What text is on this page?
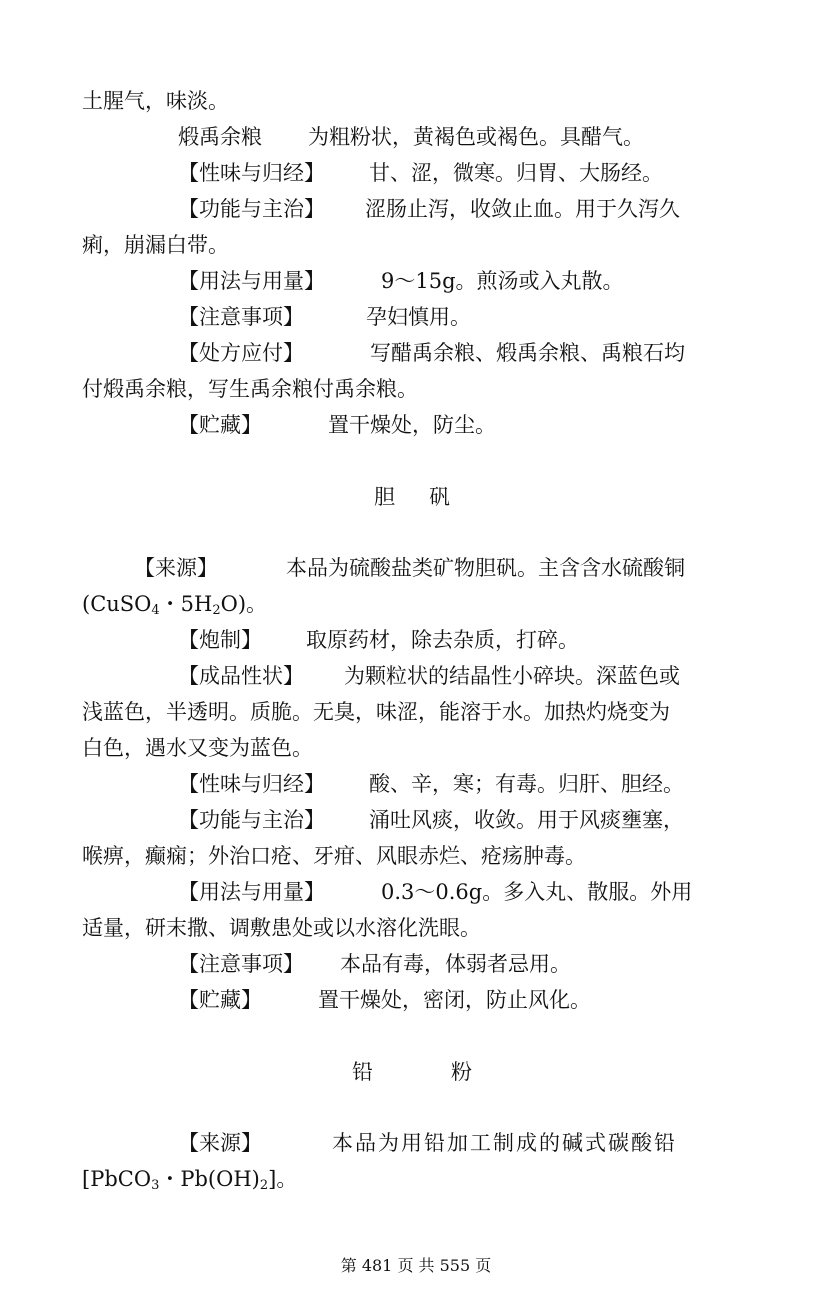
土腥气，味淡。
煅禹余粮 为粗粉状，黄褐色或褐色。具醋气。
【性味与归经】 甘、涩，微寒。归胃、大肠经。
【功能与主治】 涩肠止泻，收敛止血。用于久泻久
痢，崩漏白带。
【用法与用量】	9～15g。煎汤或入丸散。
【注意事项】	孕妇慎用。
【处方应付】	写醋禹余粮、煅禹余粮、禹粮石均
付煅禹余粮，写生禹余粮付禹余粮。
【贮藏】	置干燥处，防尘。
胆 矾
【来源】	本品为硫酸盐类矿物胆矾。主含含水硫酸铜
(CuSO$_4$・$5H_2O$)。
【炮制】 取原药材，除去杂质，打碎。
【成品性状】 为颗粒状的结晶性小碎块。深蓝色或
浅蓝色，半透明。质脆。无臭，味涩，能溶于水。加热灼烧变为
白色，遇水又变为蓝色。
【性味与归经】 酸、辛，寒；有毒。归肝、胆经。
【功能与主治】 涌吐风痰，收敛。用于风痰壅塞，
喉痹，癫痫；外治口疮、牙疳、风眼赤烂、疮疡肿毒。
【用法与用量】	0.3～0.6g。多入丸、散服。外用
适量，研末撒、调敷患处或以水溶化洗眼。
【注意事项】 本品有毒，体弱者忌用。
【贮藏】	置干燥处，密闭，防止风化。
铅	粉
【来源】	本品为用铅加工制成的碱式碳酸铅
[PbCO$_3$・$Pb(OH)_2$]。
第 481 页 共 555 页
